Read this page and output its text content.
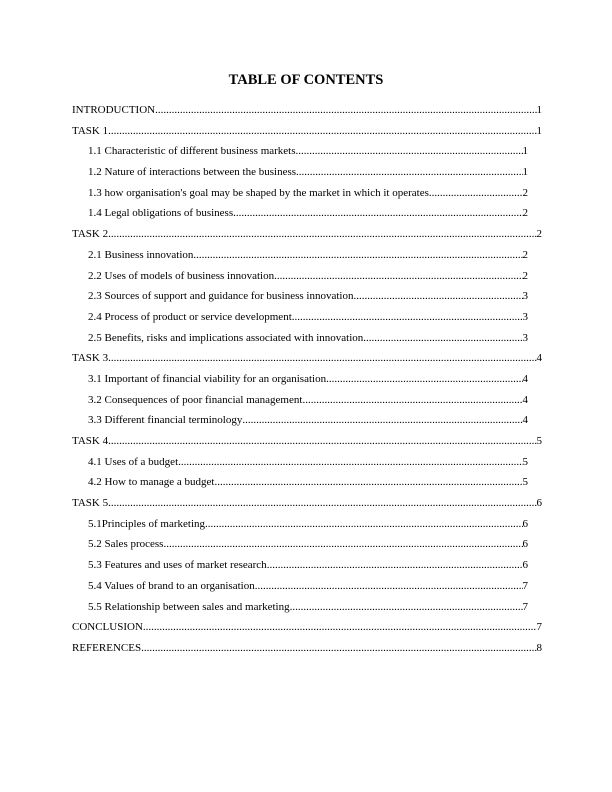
TABLE OF CONTENTS
INTRODUCTION .....	1
TASK 1 .....	1
1.1 Characteristic of different business markets .....	1
1.2 Nature of interactions between the business .....	1
1.3 how organisation's goal may be shaped by the market in which it operates .....	2
1.4 Legal obligations of business .....	2
TASK 2 .....	2
2.1 Business innovation .....	2
2.2 Uses of models of business innovation .....	2
2.3 Sources of support and guidance for business innovation. .....	3
2.4 Process of product or service development .....	3
2.5 Benefits, risks and implications associated with innovation .....	3
TASK 3 .....	4
3.1 Important of financial viability for an organisation .....	4
3.2 Consequences of poor financial management .....	4
3.3 Different financial terminology .....	4
TASK 4 .....	5
4.1 Uses of a budget .....	5
4.2 How to manage a budget .....	5
TASK 5 .....	6
5.1Principles of marketing .....	6
5.2 Sales process .....	6
5.3 Features and uses of market research .....	6
5.4 Values of brand to an organisation .....	7
5.5 Relationship between sales and marketing .....	7
CONCLUSION .....	7
REFERENCES .....	8
